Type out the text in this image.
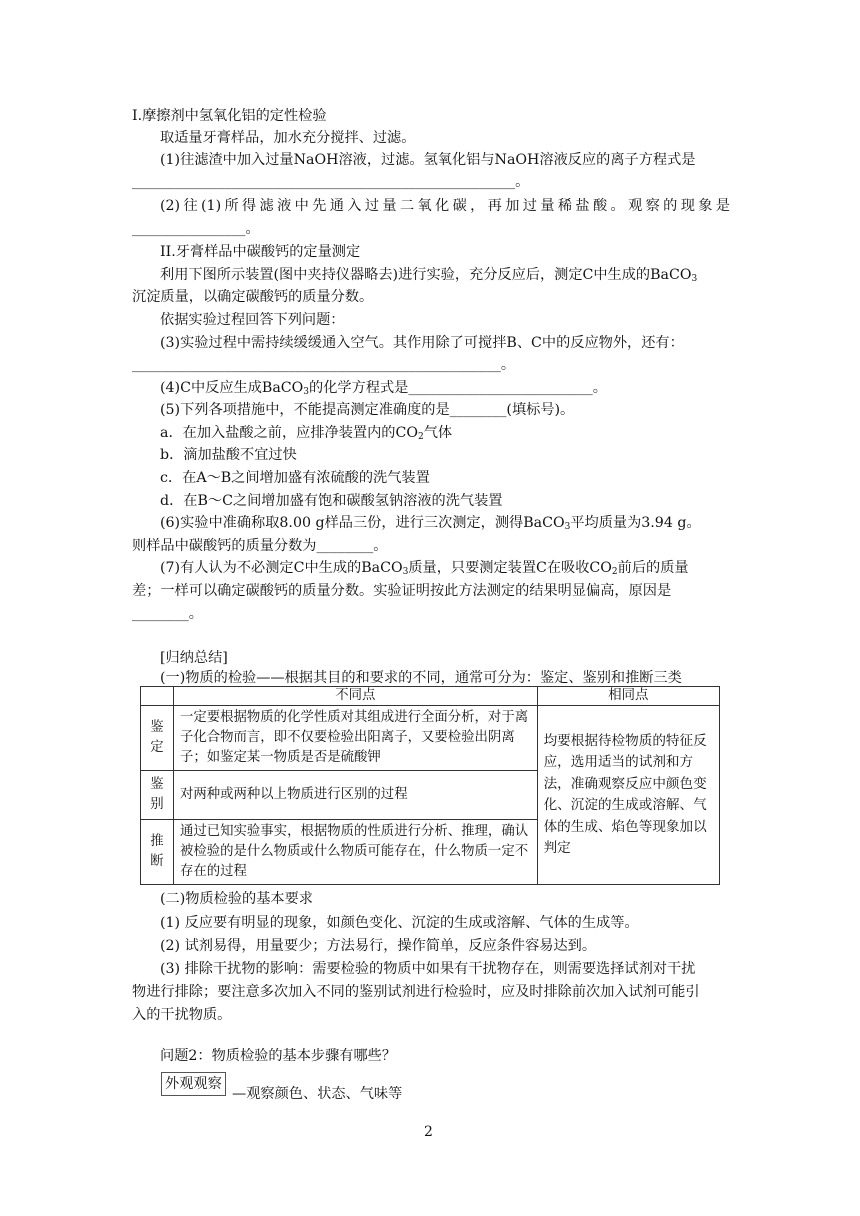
I.摩擦剂中氢氧化铝的定性检验
取适量牙膏样品，加水充分搅拌、过滤。
(1)往滤渣中加入过量NaOH溶液，过滤。氢氧化铝与NaOH溶液反应的离子方程式是
______________________________________________________。
(2)往(1)所得滤液中先通入过量二氧化碳，再加过量稀盐酸。观察的现象是
________________。
II.牙膏样品中碳酸钙的定量测定
利用下图所示装置(图中夹持仪器略去)进行实验，充分反应后，测定C中生成的BaCO$_3$
沉淀质量，以确定碳酸钙的质量分数。
依据实验过程回答下列问题：
(3)实验过程中需持续缓缓通入空气。其作用除了可搅拌B、C中的反应物外，还有：
____________________________________________________。
(4)C中反应生成BaCO$_3$的化学方程式是__________________________。
(5)下列各项措施中，不能提高测定准确度的是________(填标号)。
a．在加入盐酸之前，应排净装置内的$CO_2$气体
b．滴加盐酸不宜过快
c．在A～B之间增加盛有浓硫酸的洗气装置
d．在B～C之间增加盛有饱和碳酸氢钠溶液的洗气装置
(6)实验中准确称取8.00 g样品三份，进行三次测定，测得BaCO$_3$平均质量为3.94 g。
则样品中碳酸钙的质量分数为________。
(7)有人认为不必测定C中生成的BaCO$_3$质量，只要测定装置C在吸收$CO_2$前后的质量
差；一样可以确定碳酸钙的质量分数。实验证明按此方法测定的结果明显偏高，原因是
________。
[归纳总结]
(一)物质的检验——根据其目的和要求的不同，通常可分为：鉴定、鉴别和推断三类
	不同点	相同点
鉴定	一定要根据物质的化学性质对其组成进行全面分析，对于离子化合物而言，即不仅要检验出阳离子，又要检验出阴离子；如鉴定某一物质是否是硫酸钾	均要根据待检物质的特征反应，选用适当的试剂和方法，准确观察反应中颜色变化、沉淀的生成或溶解、气体的生成、焰色等现象加以判定
鉴别	对两种或两种以上物质进行区别的过程	
推断	通过已知实验事实，根据物质的性质进行分析、推理，确认被检验的是什么物质或什么物质可能存在，什么物质一定不存在的过程	
(二)物质检验的基本要求
(1) 反应要有明显的现象，如颜色变化、沉淀的生成或溶解、气体的生成等。
(2) 试剂易得，用量要少；方法易行，操作简单，反应条件容易达到。
(3) 排除干扰物的影响：需要检验的物质中如果有干扰物存在，则需要选择试剂对干扰
物进行排除；要注意多次加入不同的鉴别试剂进行检验时，应及时排除前次加入试剂可能引
入的干扰物质。
问题2：物质检验的基本步骤有哪些？
外观观察
—观察颜色、状态、气味等
2
